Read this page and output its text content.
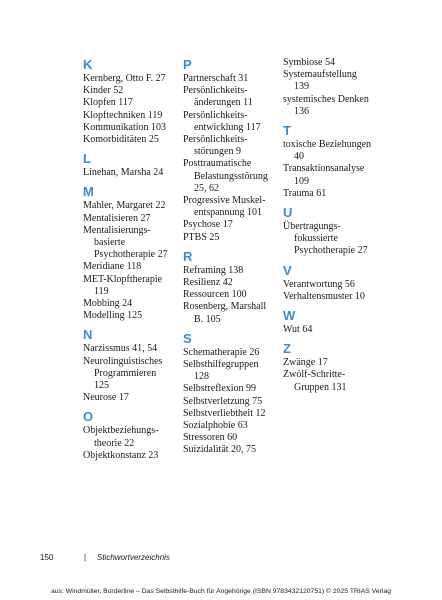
K
Kernberg, Otto F. 27
Kinder 52
Klopfen 117
Klopftechniken 119
Kommunikation 103
Komorbiditäten 25
L
Linehan, Marsha 24
M
Mahler, Margaret 22
Mentalisieren 27
Mentalisierungs-
basierte
Psychotherapie 27
Meridiane 118
MET-Klopftherapie
119
Mobbing 24
Modelling 125
N
Narzissmus 41, 54
Neurolinguistisches
Programmieren
125
Neurose 17
O
Objektbeziehungs-
theorie 22
Objektkonstanz 23
P
Partnerschaft 31
Persönlichkeits-
änderungen 11
Persönlichkeits-
entwicklung 117
Persönlichkeits-
störungen 9
Posttraumatische
Belastungsstörung
25, 62
Progressive Muskel-
entspannung 101
Psychose 17
PTBS 25
R
Reframing 138
Resilienz 42
Ressourcen 100
Rosenberg, Marshall
B. 105
S
Schematherapie 26
Selbsthilfegruppen
128
Selbstreflexion 99
Selbstverletzung 75
Selbstverliebtheit 12
Sozialphobie 63
Stressoren 60
Suizidalität 20, 75
Symbiose 54
Systemaufstellung
139
systemisches Denken
136
T
toxische Beziehungen
40
Transaktionsanalyse
109
Trauma 61
U
Übertragungs-
fokussierte
Psychotherapie 27
V
Verantwortung 56
Verhaltensmuster 10
W
Wut 64
Z
Zwänge 17
Zwölf-Schritte-
Gruppen 131
150	| Stichwortverzeichnis
aus: Windmüller, Borderline – Das Selbsthilfe-Buch für Angehörige (ISBN 9783432120751) © 2025 TRIAS Verlag
